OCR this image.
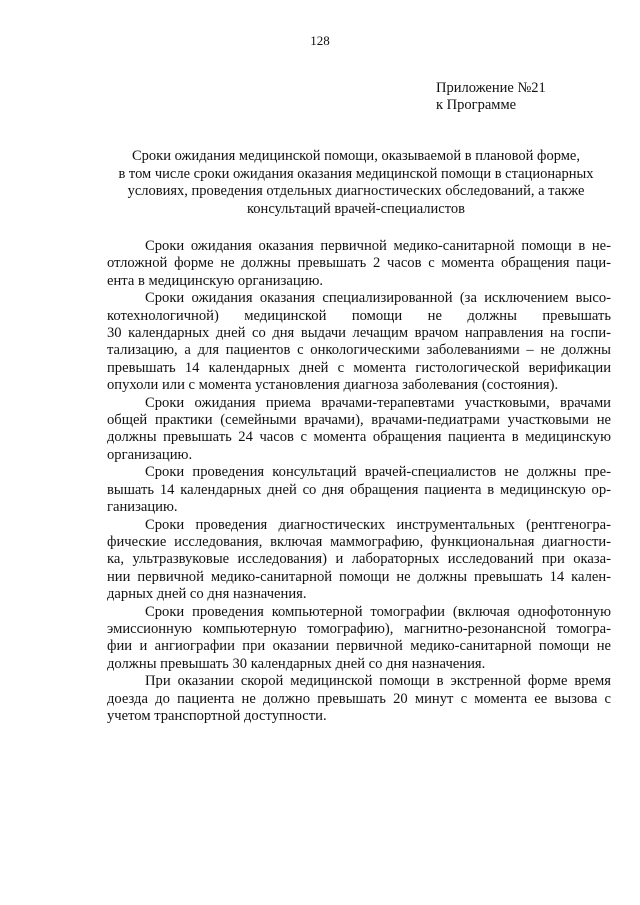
128
Приложение №21
к Программе
Сроки ожидания медицинской помощи, оказываемой в плановой форме,
в том числе сроки ожидания оказания медицинской помощи в стационарных
условиях, проведения отдельных диагностических обследований, а также
консультаций врачей-специалистов
Сроки ожидания оказания первичной медико-санитарной помощи в не-
отложной форме не должны превышать 2 часов с момента обращения паци-
ента в медицинскую организацию.
Сроки ожидания оказания специализированной (за исключением высо-
котехнологичной) медицинской помощи не должны превышать
30 календарных дней со дня выдачи лечащим врачом направления на госпи-
тализацию, а для пациентов с онкологическими заболеваниями – не должны
превышать 14 календарных дней с момента гистологической верификации
опухоли или с момента установления диагноза заболевания (состояния).
Сроки ожидания приема врачами-терапевтами участковыми, врачами
общей практики (семейными врачами), врачами-педиатрами участковыми не
должны превышать 24 часов с момента обращения пациента в медицинскую
организацию.
Сроки проведения консультаций врачей-специалистов не должны пре-
вышать 14 календарных дней со дня обращения пациента в медицинскую ор-
ганизацию.
Сроки проведения диагностических инструментальных (рентгеногра-
фические исследования, включая маммографию, функциональная диагности-
ка, ультразвуковые исследования) и лабораторных исследований при оказа-
нии первичной медико-санитарной помощи не должны превышать 14 кален-
дарных дней со дня назначения.
Сроки проведения компьютерной томографии (включая однофотонную
эмиссионную компьютерную томографию), магнитно-резонансной томогра-
фии и ангиографии при оказании первичной медико-санитарной помощи не
должны превышать 30 календарных дней со дня назначения.
При оказании скорой медицинской помощи в экстренной форме время
доезда до пациента не должно превышать 20 минут с момента ее вызова с
учетом транспортной доступности.
